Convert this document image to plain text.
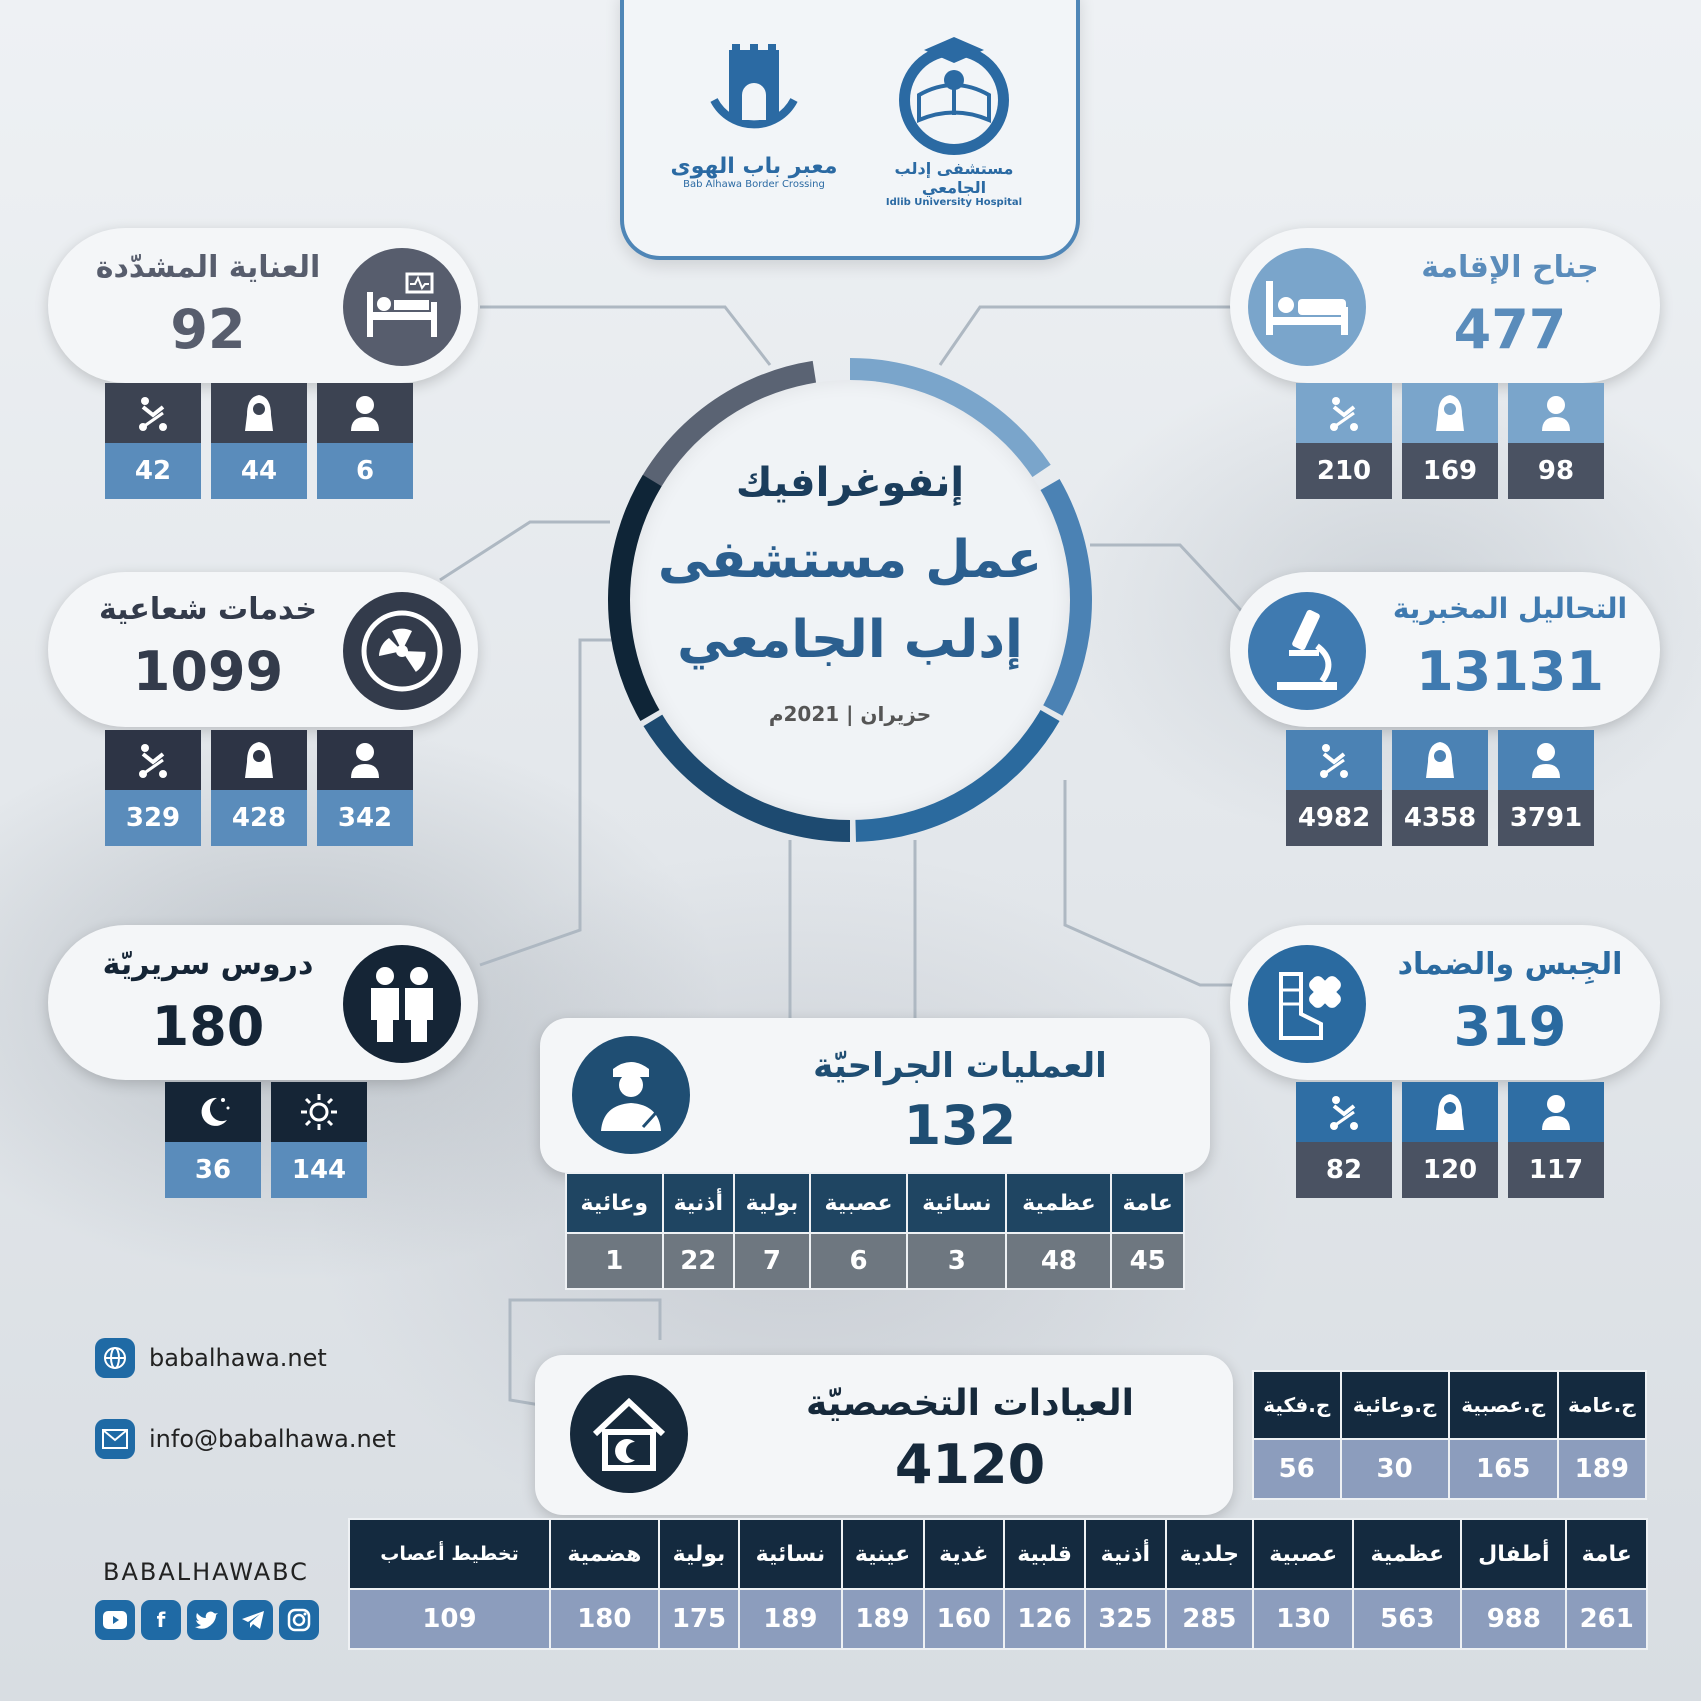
معبر باب الهوى
Bab Alhawa Border Crossing
مستشفى إدلب الجامعي
Idlib University Hospital
إنفوغرافيك
عمل مستشفى
إدلب الجامعي
حزيران | 2021م
العناية المشدّدة
92
42	44	6
خدمات شعاعية
1099
329	428	342
دروس سريريّة
180
36	144
جناح الإقامة
477
210	169	98
التحاليل المخبرية
13131
4982	4358	3791
الجِبس والضماد
319
82	120	117
العمليات الجراحيّة
132
وعائية	أذنية	بولية	عصبية	نسائية	عظمية	عامة
1	22	7	6	3	48	45
العيادات التخصصيّة
4120
ج.فكية	ج.وعائية	ج.عصبية	ج.عامة
56	30	165	189
تخطيط أعصاب	هضمية	بولية	نسائية	عينية	غدية	قلبية	أذنية	جلدية	عصبية	عظمية	أطفال	عامة
109	180	175	189	189	160	126	325	285	130	563	988	261
babalhawa.net
info@babalhawa.net
BABALHAWABC
f
